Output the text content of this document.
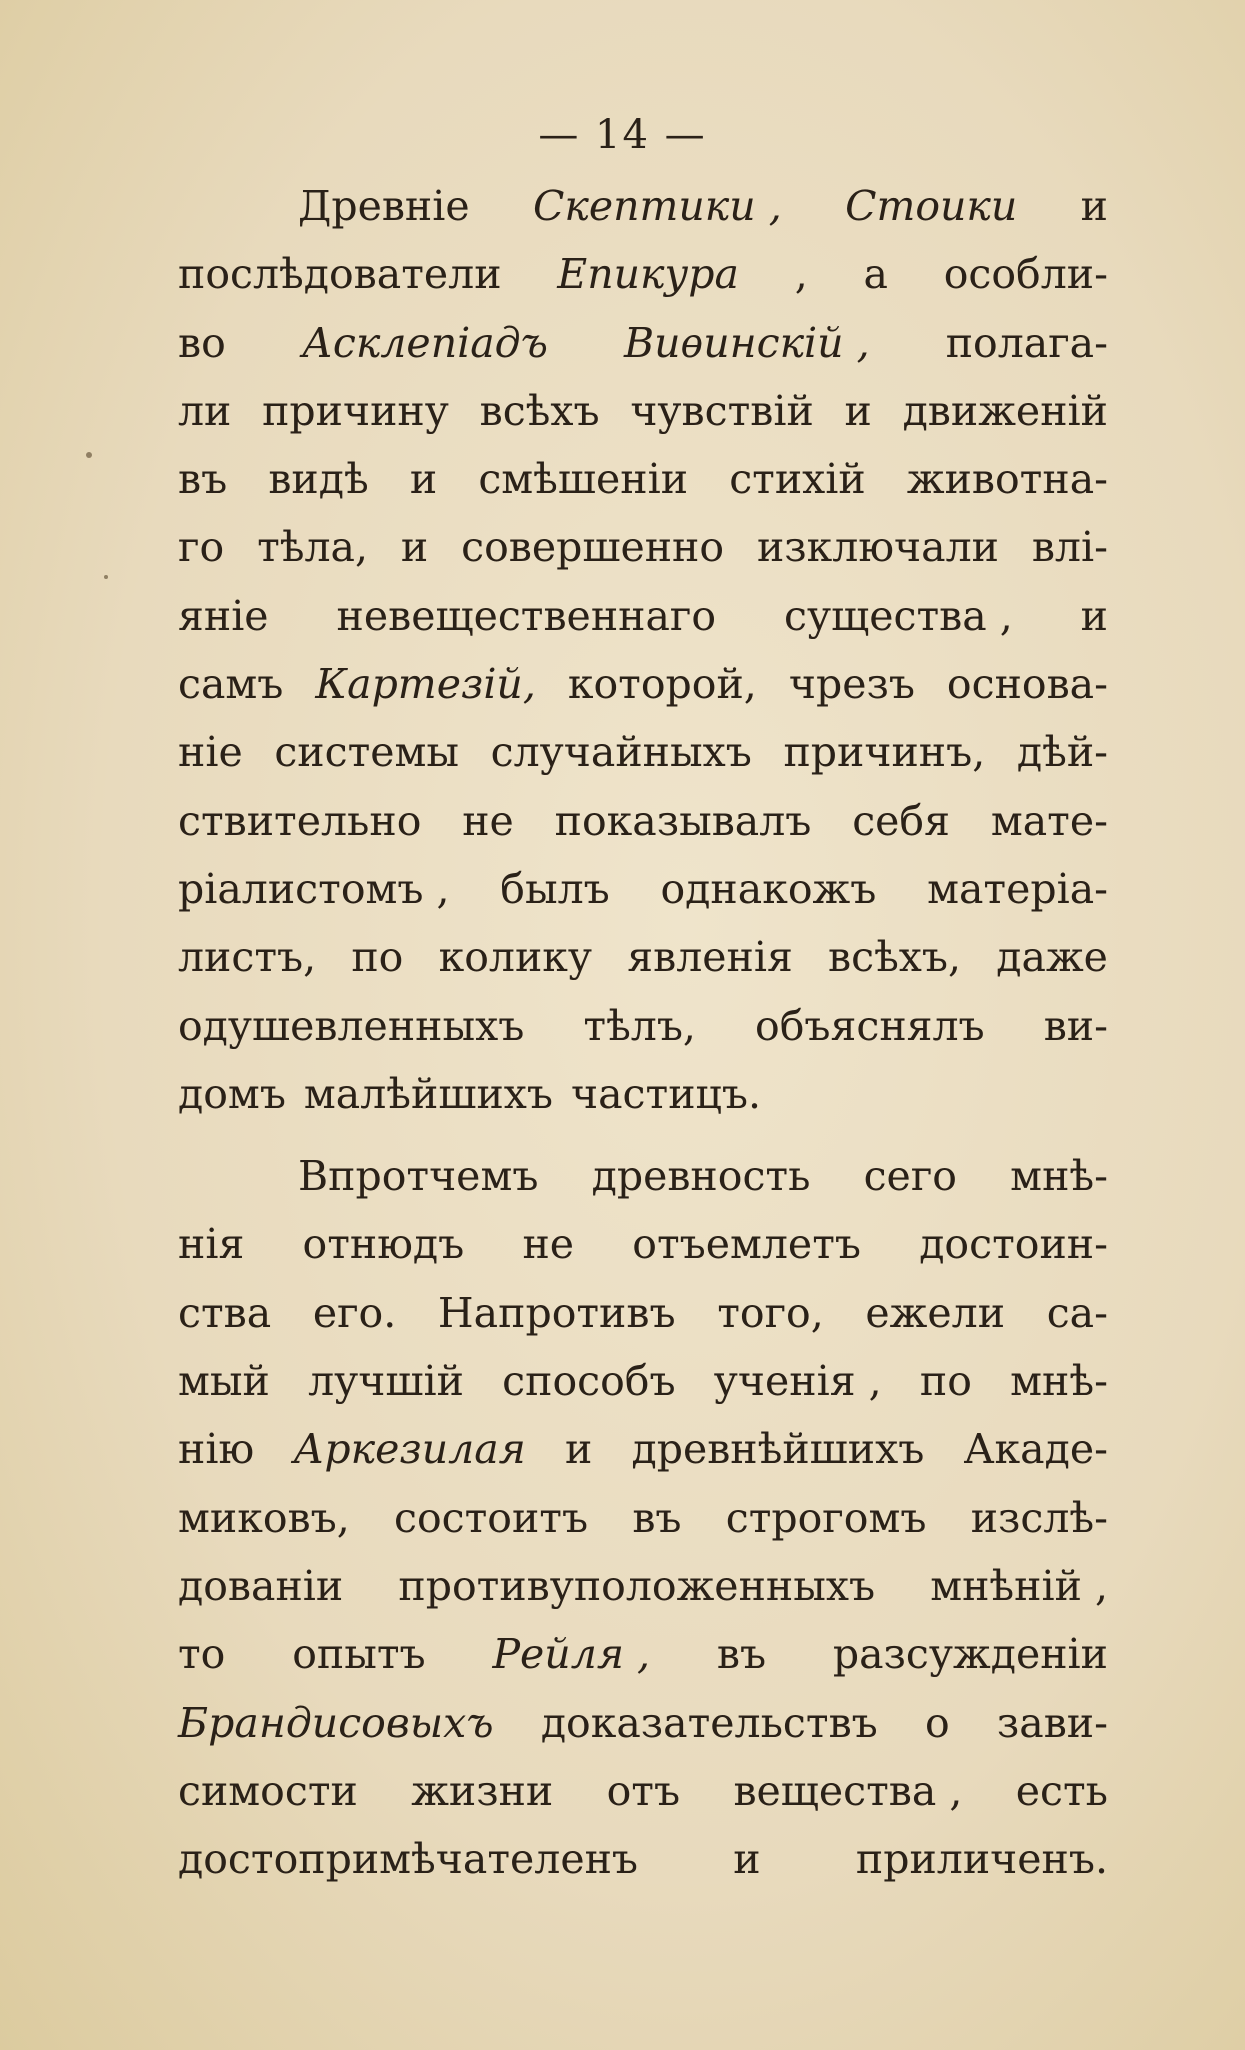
— 14 —
Древнiе Скептики , Стоики и
послѣдователи Епикура , а особли-
во Асклепiадъ Виѳинскiй , полага-
ли причину всѣхъ чувствiй и движенiй
въ видѣ и смѣшенiи стихiй животна-
го тѣла, и совершенно изключали влi-
янiе невещественнаго существа , и
самъ Картезiй, которой, чрезъ основа-
нiе системы случайныхъ причинъ, дѣй-
ствительно не показывалъ себя мате-
рiалистомъ , былъ однакожъ матерiа-
листъ, по колику явленiя всѣхъ, даже
одушевленныхъ тѣлъ, объяснялъ ви-
домъ малѣйшихъ частицъ.
Впротчемъ древность сего мнѣ-
нiя отнюдъ не отъемлетъ достоин-
ства его. Напротивъ того, ежели са-
мый лучшiй способъ ученiя , по мнѣ-
нiю Аркезилая и древнѣйшихъ Акаде-
миковъ, состоитъ въ строгомъ изслѣ-
дованiи противуположенныхъ мнѣнiй ,
то опытъ Рейля , въ разсужденiи
Брандисовыхъ доказательствъ о зави-
симости жизни отъ вещества , есть
достопримѣчателенъ и приличенъ.
